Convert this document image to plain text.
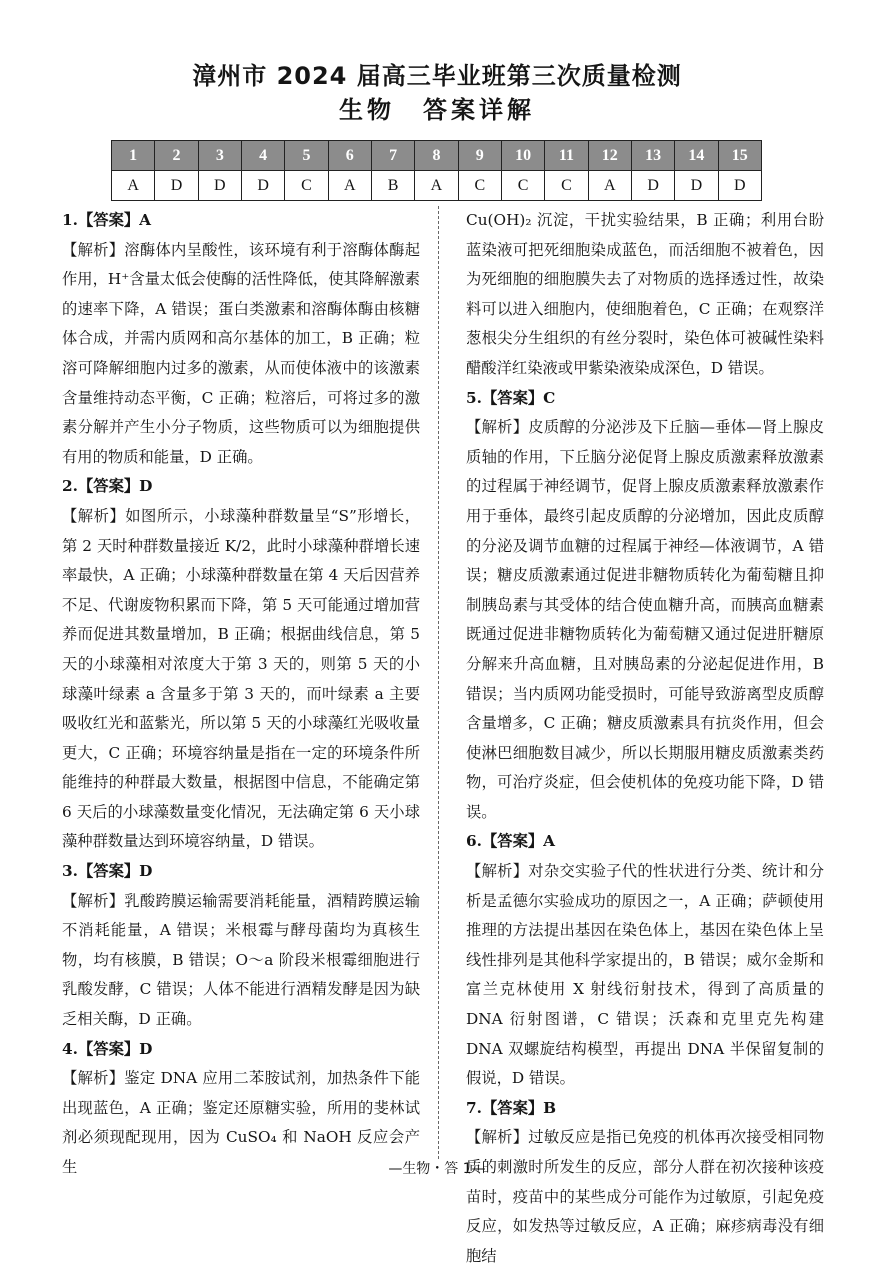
漳州市 2024 届高三毕业班第三次质量检测
生物　答案详解
1	2	3	4	5	6	7	8	9	10	11	12	13	14	15
A	D	D	D	C	A	B	A	C	C	C	A	D	D	D

1.【答案】A

【解析】溶酶体内呈酸性，该环境有利于溶酶体酶起作用，H⁺含量太低会使酶的活性降低，使其降解激素的速率下降，A 错误；蛋白类激素和溶酶体酶由核糖体合成，并需内质网和高尔基体的加工，B 正确；粒溶可降解细胞内过多的激素，从而使体液中的该激素含量维持动态平衡，C 正确；粒溶后，可将过多的激素分解并产生小分子物质，这些物质可以为细胞提供有用的物质和能量，D 正确。

2.【答案】D

【解析】如图所示，小球藻种群数量呈“S”形增长，第 2 天时种群数量接近 K/2，此时小球藻种群增长速率最快，A 正确；小球藻种群数量在第 4 天后因营养不足、代谢废物积累而下降，第 5 天可能通过增加营养而促进其数量增加，B 正确；根据曲线信息，第 5 天的小球藻相对浓度大于第 3 天的，则第 5 天的小球藻叶绿素 a 含量多于第 3 天的，而叶绿素 a 主要吸收红光和蓝紫光，所以第 5 天的小球藻红光吸收量更大，C 正确；环境容纳量是指在一定的环境条件所能维持的种群最大数量，根据图中信息，不能确定第 6 天后的小球藻数量变化情况，无法确定第 6 天小球藻种群数量达到环境容纳量，D 错误。

3.【答案】D

【解析】乳酸跨膜运输需要消耗能量，酒精跨膜运输不消耗能量，A 错误；米根霉与酵母菌均为真核生物，均有核膜，B 错误；O～a 阶段米根霉细胞进行乳酸发酵，C 错误；人体不能进行酒精发酵是因为缺乏相关酶，D 正确。

4.【答案】D

【解析】鉴定 DNA 应用二苯胺试剂，加热条件下能出现蓝色，A 正确；鉴定还原糖实验，所用的斐林试剂必须现配现用，因为 CuSO₄ 和 NaOH 反应会产生

Cu(OH)₂ 沉淀，干扰实验结果，B 正确；利用台盼蓝染液可把死细胞染成蓝色，而活细胞不被着色，因为死细胞的细胞膜失去了对物质的选择透过性，故染料可以进入细胞内，使细胞着色，C 正确；在观察洋葱根尖分生组织的有丝分裂时，染色体可被碱性染料醋酸洋红染液或甲紫染液染成深色，D 错误。

5.【答案】C

【解析】皮质醇的分泌涉及下丘脑—垂体—肾上腺皮质轴的作用，下丘脑分泌促肾上腺皮质激素释放激素的过程属于神经调节，促肾上腺皮质激素释放激素作用于垂体，最终引起皮质醇的分泌增加，因此皮质醇的分泌及调节血糖的过程属于神经—体液调节，A 错误；糖皮质激素通过促进非糖物质转化为葡萄糖且抑制胰岛素与其受体的结合使血糖升高，而胰高血糖素既通过促进非糖物质转化为葡萄糖又通过促进肝糖原分解来升高血糖，且对胰岛素的分泌起促进作用，B 错误；当内质网功能受损时，可能导致游离型皮质醇含量增多，C 正确；糖皮质激素具有抗炎作用，但会使淋巴细胞数目减少，所以长期服用糖皮质激素类药物，可治疗炎症，但会使机体的免疫功能下降，D 错误。

6.【答案】A

【解析】对杂交实验子代的性状进行分类、统计和分析是孟德尔实验成功的原因之一，A 正确；萨顿使用推理的方法提出基因在染色体上，基因在染色体上呈线性排列是其他科学家提出的，B 错误；威尔金斯和富兰克林使用 X 射线衍射技术，得到了高质量的 DNA 衍射图谱，C 错误；沃森和克里克先构建 DNA 双螺旋结构模型，再提出 DNA 半保留复制的假说，D 错误。

7.【答案】B

【解析】过敏反应是指已免疫的机体再次接受相同物质的刺激时所发生的反应，部分人群在初次接种该疫苗时，疫苗中的某些成分可能作为过敏原，引起免疫反应，如发热等过敏反应，A 正确；麻疹病毒没有细胞结

—生物・答 1—
